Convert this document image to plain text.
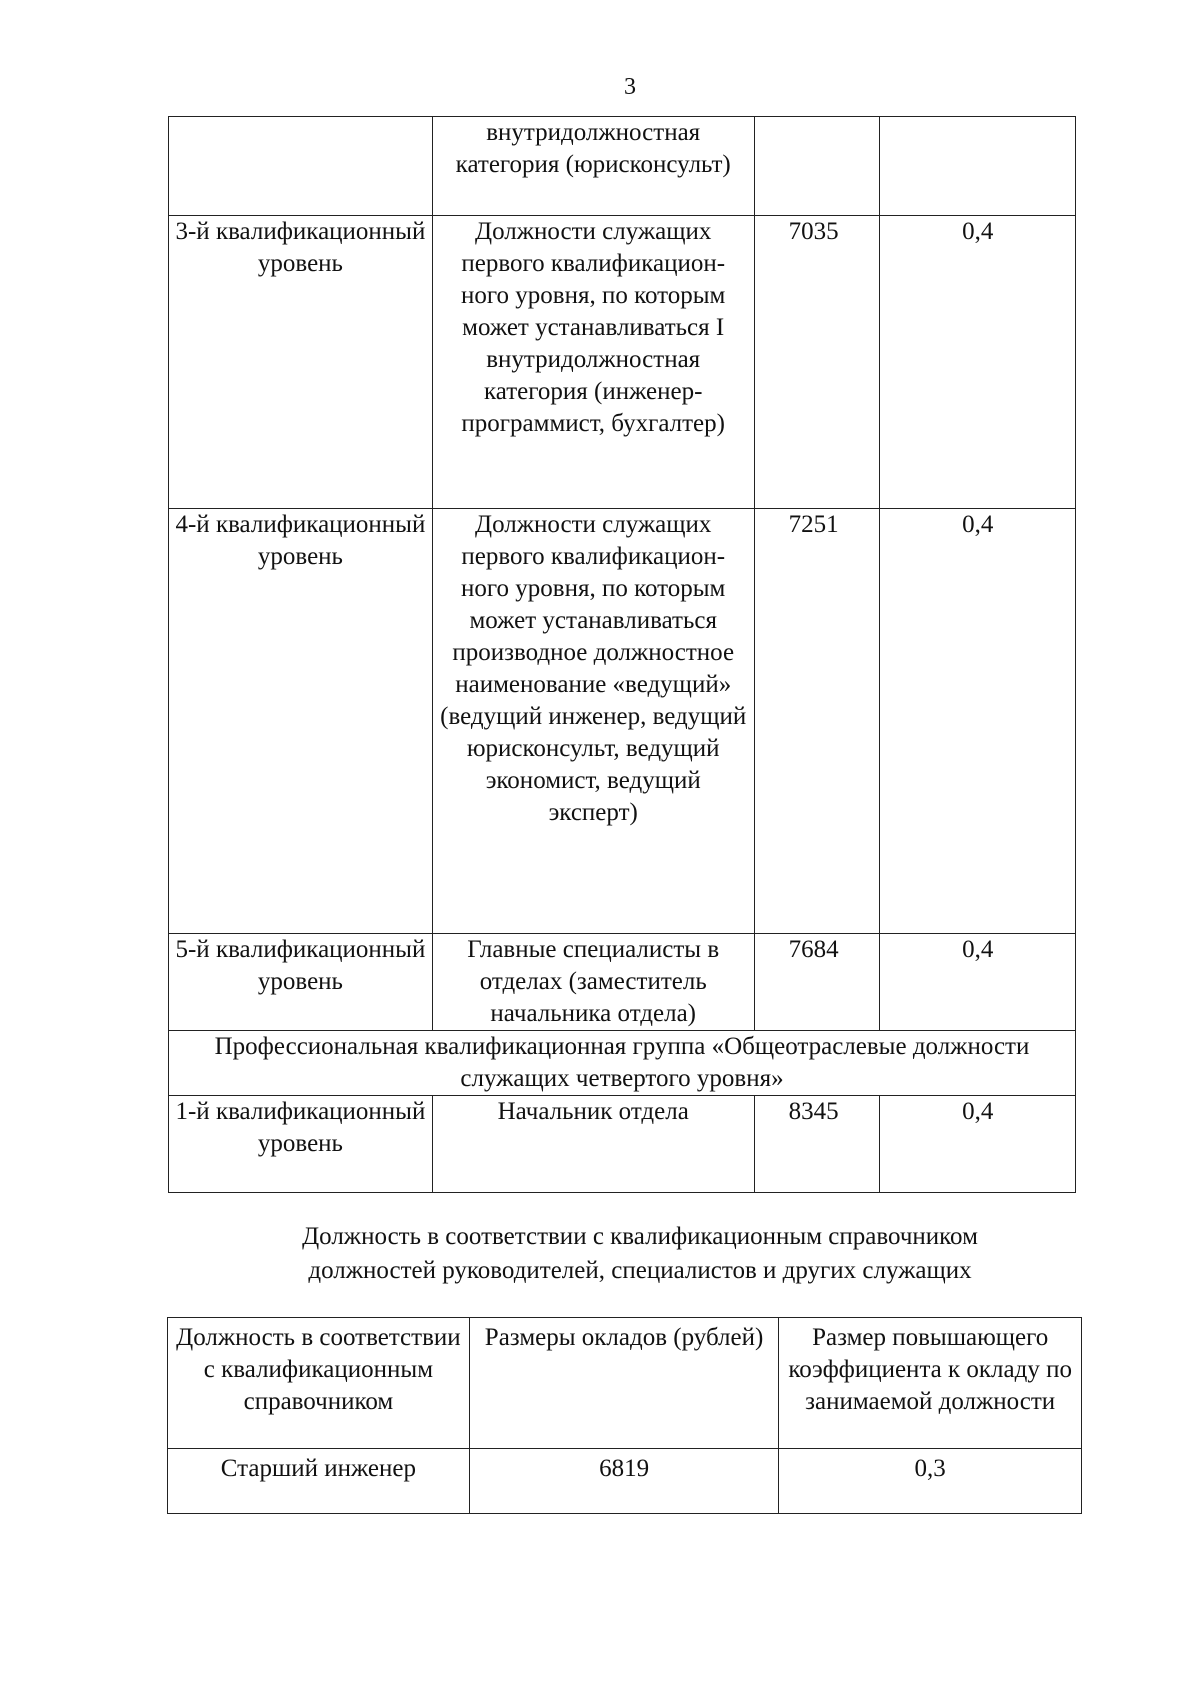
3
	внутридолжностная категория (юрисконсульт)		
3-й квалификационный уровень	Должности служащих первого квалификацион-ного уровня, по которым может устанавливаться I внутридолжностная категория (инженер-программист, бухгалтер)	7035	0,4
4-й квалификационный уровень	Должности служащих первого квалификацион-ного уровня, по которым может устанавливаться производное должностное наименование «ведущий» (ведущий инженер, ведущий юрисконсульт, ведущий экономист, ведущий эксперт)	7251	0,4
5-й квалификационный уровень	Главные специалисты в отделах (заместитель начальника отдела)	7684	0,4
Профессиональная квалификационная группа «Общеотраслевые должности служащих четвертого уровня»			
1-й квалификационный уровень	Начальник отдела	8345	0,4
Должность в соответствии с квалификационным справочником
должностей руководителей, специалистов и других служащих
Должность в соответствии с квалификационным справочником	Размеры окладов (рублей)	Размер повышающего коэффициента к окладу по занимаемой должности
Старший инженер	6819	0,3
